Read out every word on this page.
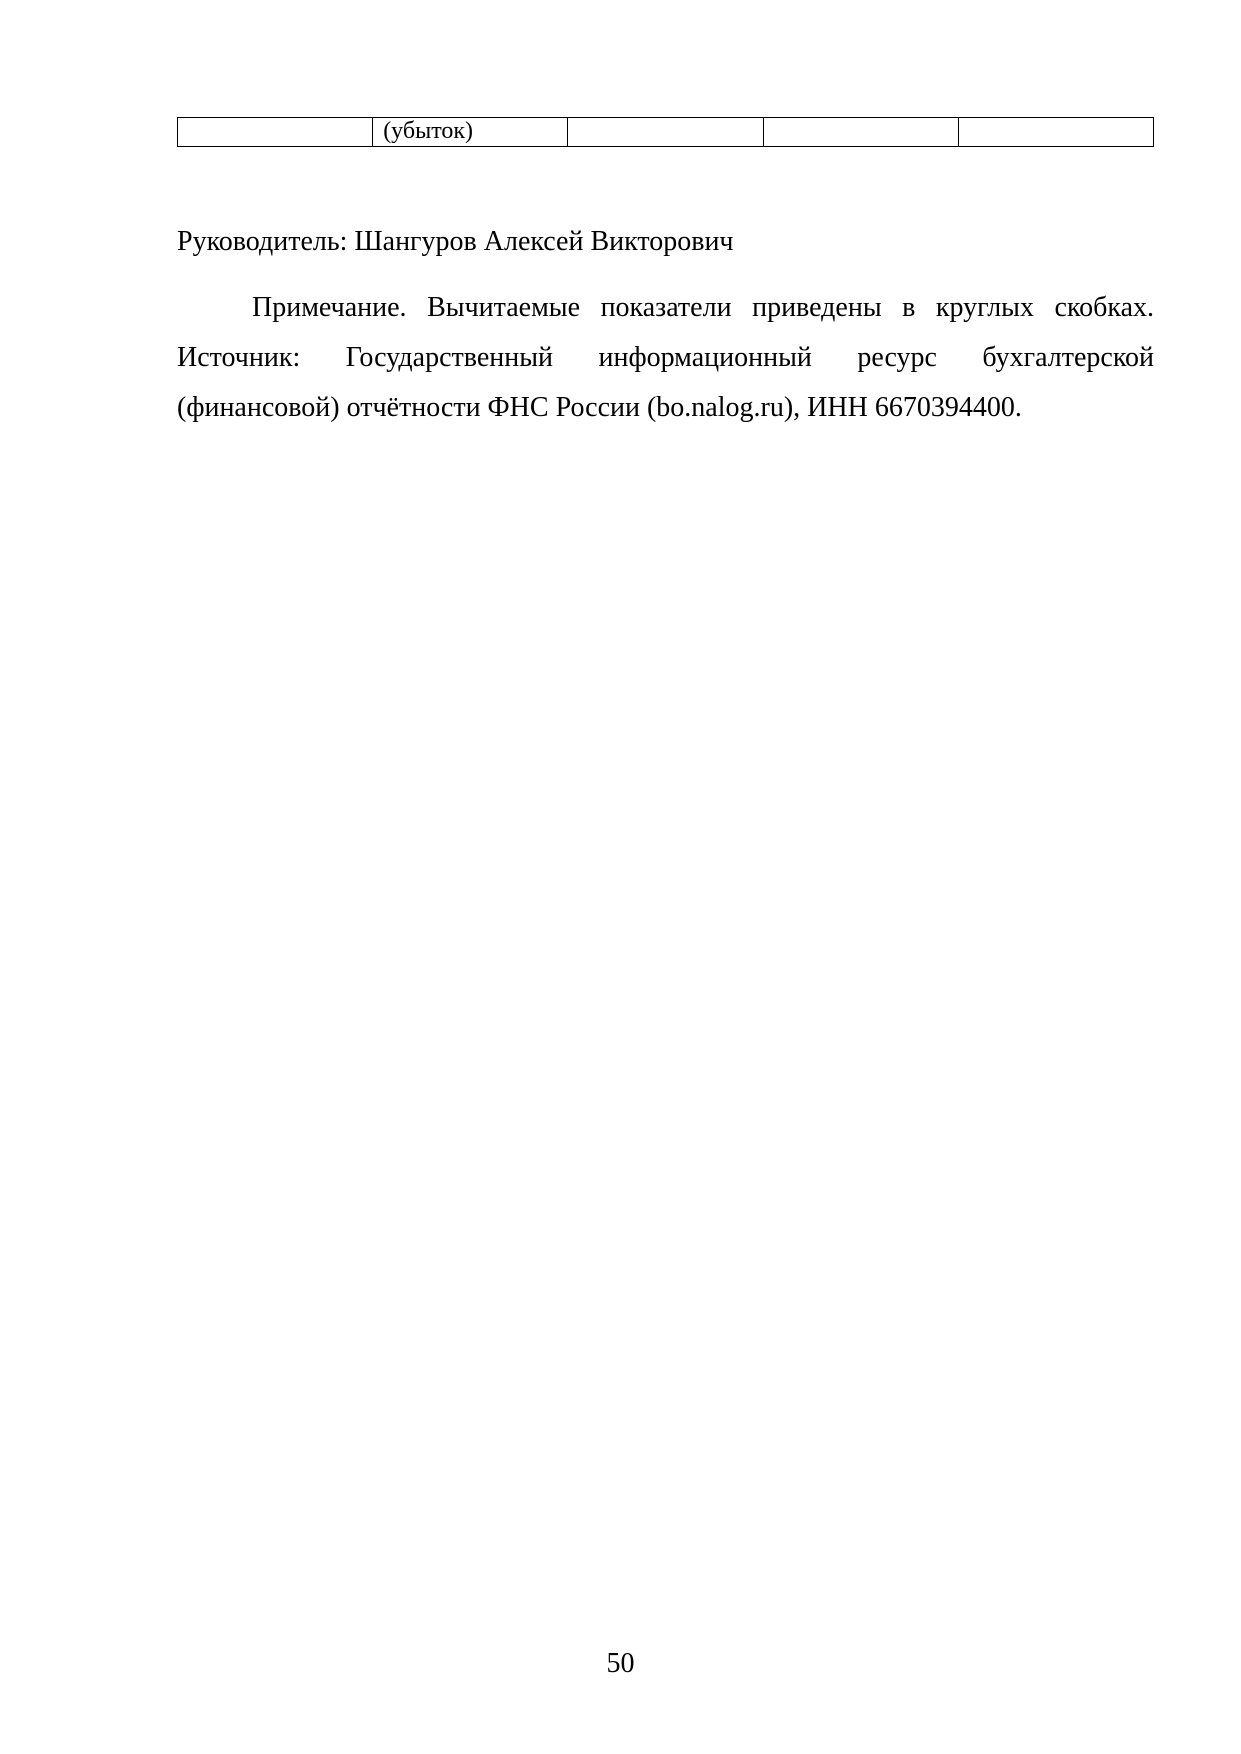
	(убыток)			
Руководитель: Шангуров Алексей Викторович
Примечание. Вычитаемые показатели приведены в круглых скобках.
Источник: Государственный информационный ресурс бухгалтерской
(финансовой) отчётности ФНС России (bo.nalog.ru), ИНН 6670394400.
50
